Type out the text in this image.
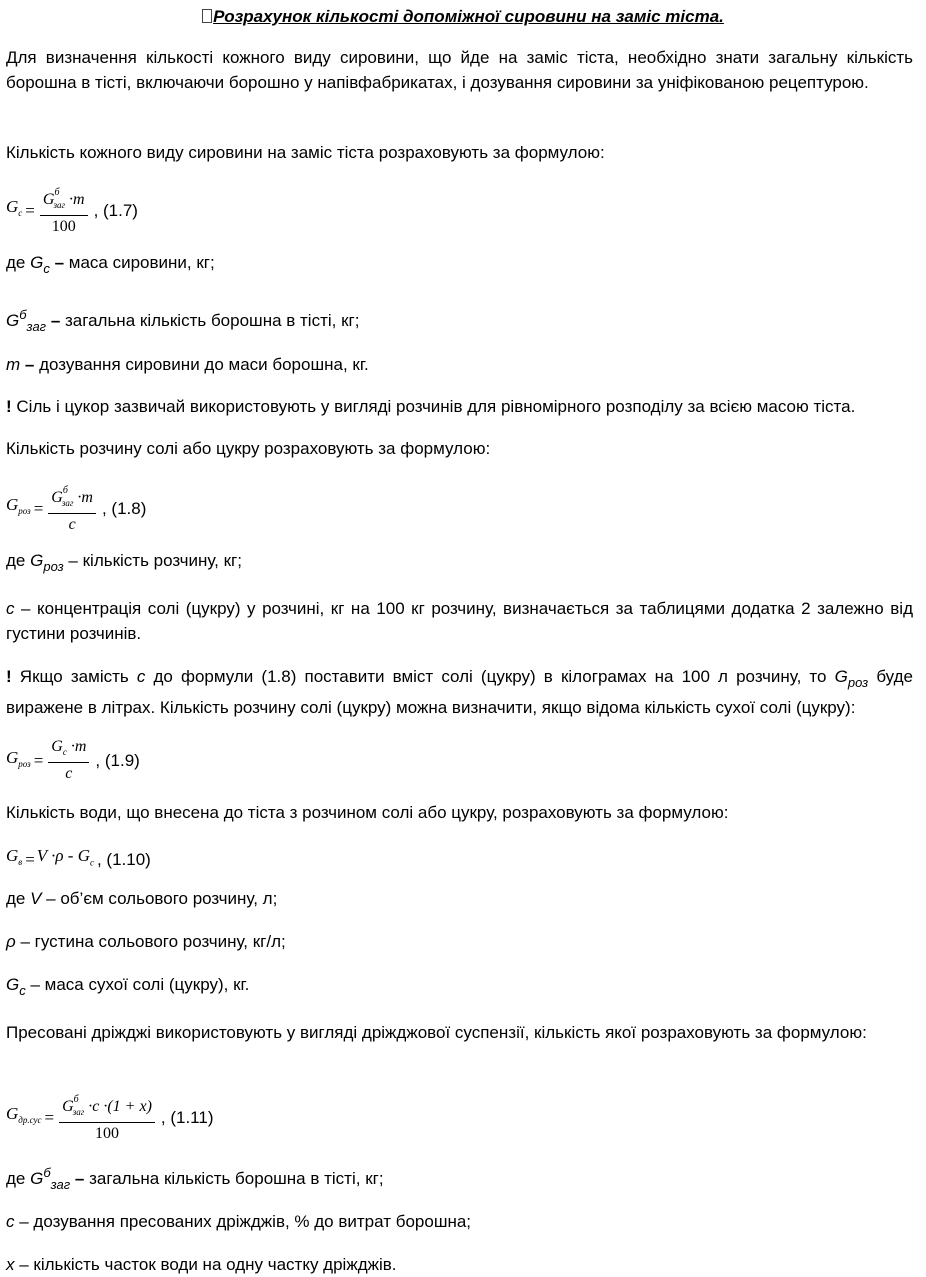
Розрахунок кількості допоміжної сировини на заміс тіста.

Для визначення кількості кожного виду сировини, що йде на заміс тіста, необхідно знати загальну кількість борошна в тісті, включаючи борошно у напівфабрикатах, і дозування сировини за уніфікованою рецептурою.

Кількість кожного виду сировини на заміс тіста розраховують за формулою:

$G_c = \frac{G^б_{заг} \cdot m}{100}$ , (1.7)

де $G_c$ – маса сировини, кг;

$G^б_{заг}$ – загальна кількість борошна в тісті, кг;

m – дозування сировини до маси борошна, кг.

! Сіль і цукор зазвичай використовують у вигляді розчинів для рівномірного розподілу за всією масою тіста.

Кількість розчину солі або цукру розраховують за формулою:

$G_{роз} = \frac{G^б_{заг} \cdot m}{c}$ , (1.8)

де $G_{роз}$ – кількість розчину, кг;

с – концентрація солі (цукру) у розчині, кг на 100 кг розчину, визначається за таблицями додатка 2 залежно від густини розчинів.

! Якщо замість с до формули (1.8) поставити вміст солі (цукру) в кілограмах на 100 л розчину, то $G_{роз}$ буде виражене в літрах. Кількість розчину солі (цукру) можна визначити, якщо відома кількість сухої солі (цукру):

$G_{роз} = \frac{G_c \cdot m}{c}$ , (1.9)

Кількість води, що внесена до тіста з розчином солі або цукру, розраховують за формулою:

$G_в = V \cdot\rho - G_c$ , (1.10)

де V – об’єм сольового розчину, л;

ρ – густина сольового розчину, кг/л;

$G_c$ – маса сухої солі (цукру), кг.

Пресовані дріжджі використовують у вигляді дріжджової суспензії, кількість якої розраховують за формулою:

$G_{др.сус} = \frac{G^б_{заг} \cdot c \cdot(1 + x)}{100}$ , (1.11)

де $G^б_{заг}$ – загальна кількість борошна в тісті, кг;

с – дозування пресованих дріжджів, % до витрат борошна;

х – кількість часток води на одну частку дріжджів.
